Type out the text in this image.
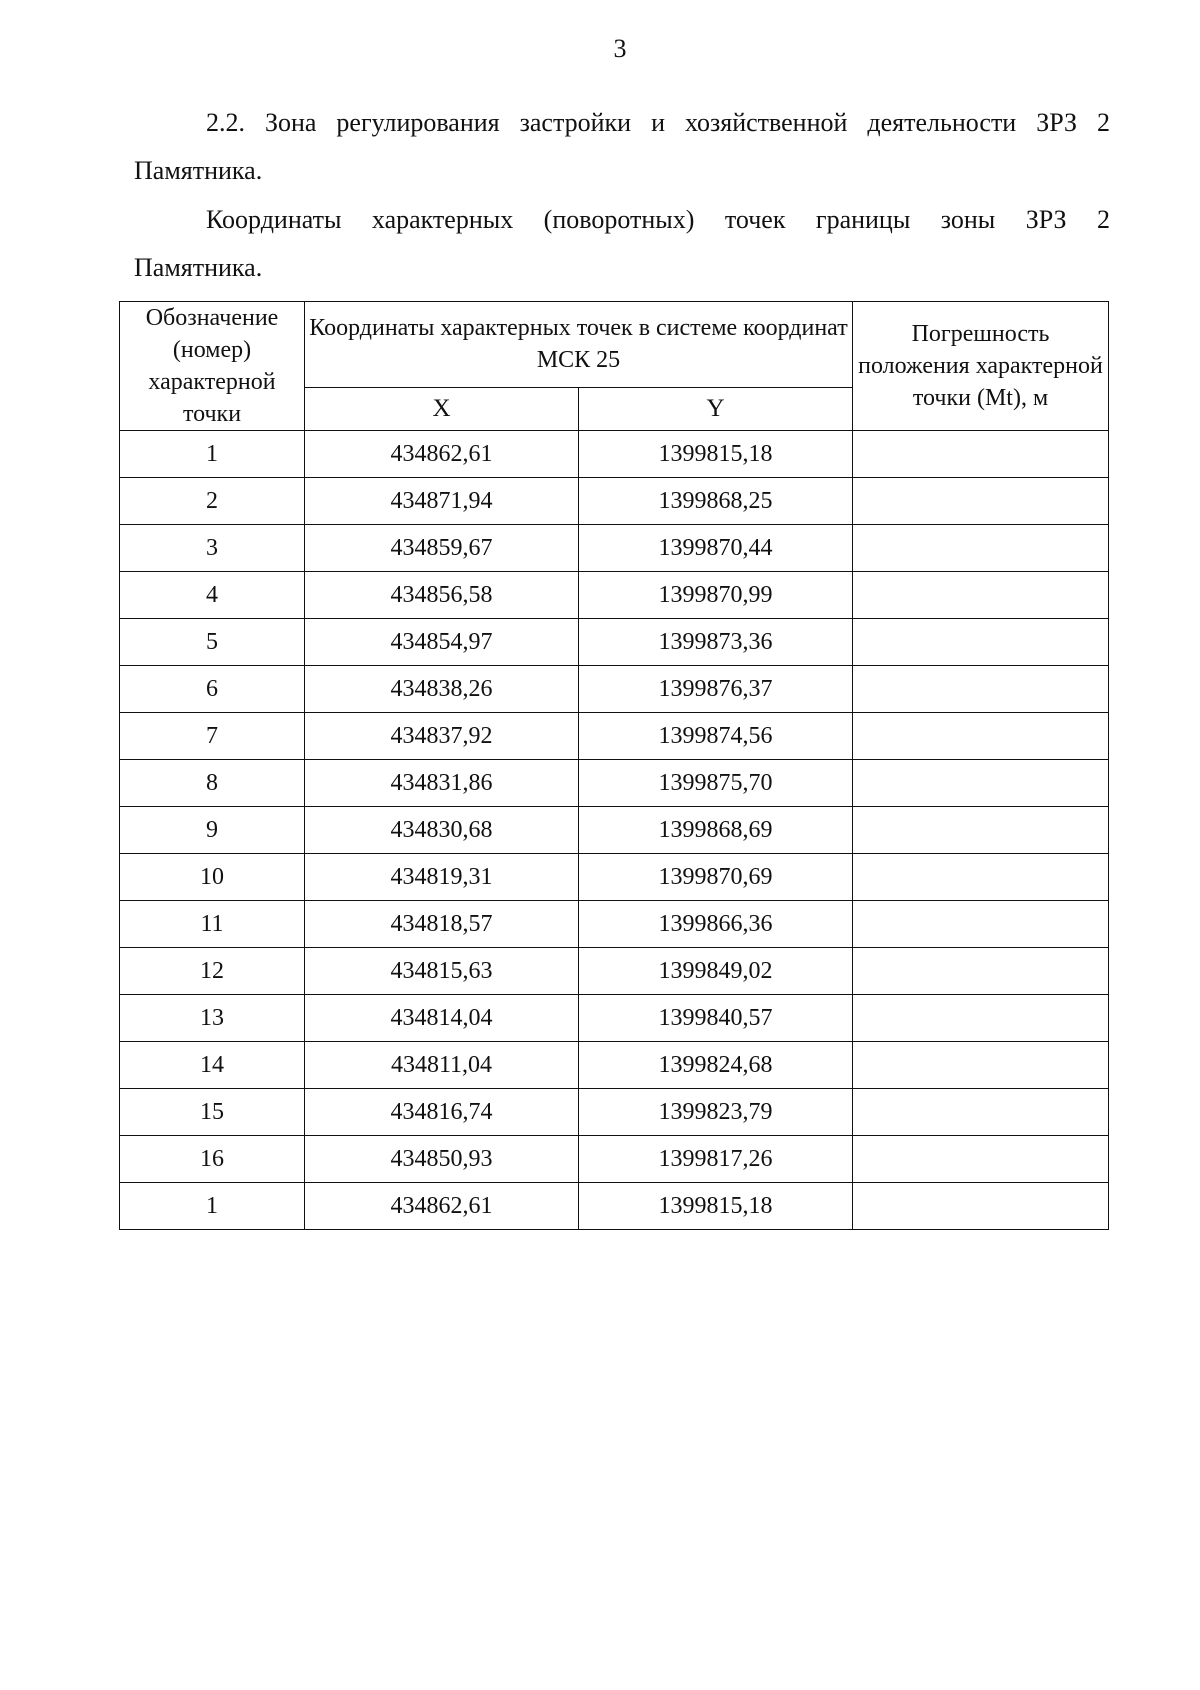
3
2.2. Зона регулирования застройки и хозяйственной деятельности ЗРЗ 2
Памятника.
Координаты характерных (поворотных) точек границы зоны ЗРЗ 2
Памятника.
Обозначение (номер) характерной точки	Координаты характерных точек в системе координат МСК 25		Погрешность положения характерной точки (Mt), м
	X	Y	
1	434862,61	1399815,18	
2	434871,94	1399868,25	
3	434859,67	1399870,44	
4	434856,58	1399870,99	
5	434854,97	1399873,36	
6	434838,26	1399876,37	
7	434837,92	1399874,56	
8	434831,86	1399875,70	
9	434830,68	1399868,69	
10	434819,31	1399870,69	
11	434818,57	1399866,36	
12	434815,63	1399849,02	
13	434814,04	1399840,57	
14	434811,04	1399824,68	
15	434816,74	1399823,79	
16	434850,93	1399817,26	
1	434862,61	1399815,18	
